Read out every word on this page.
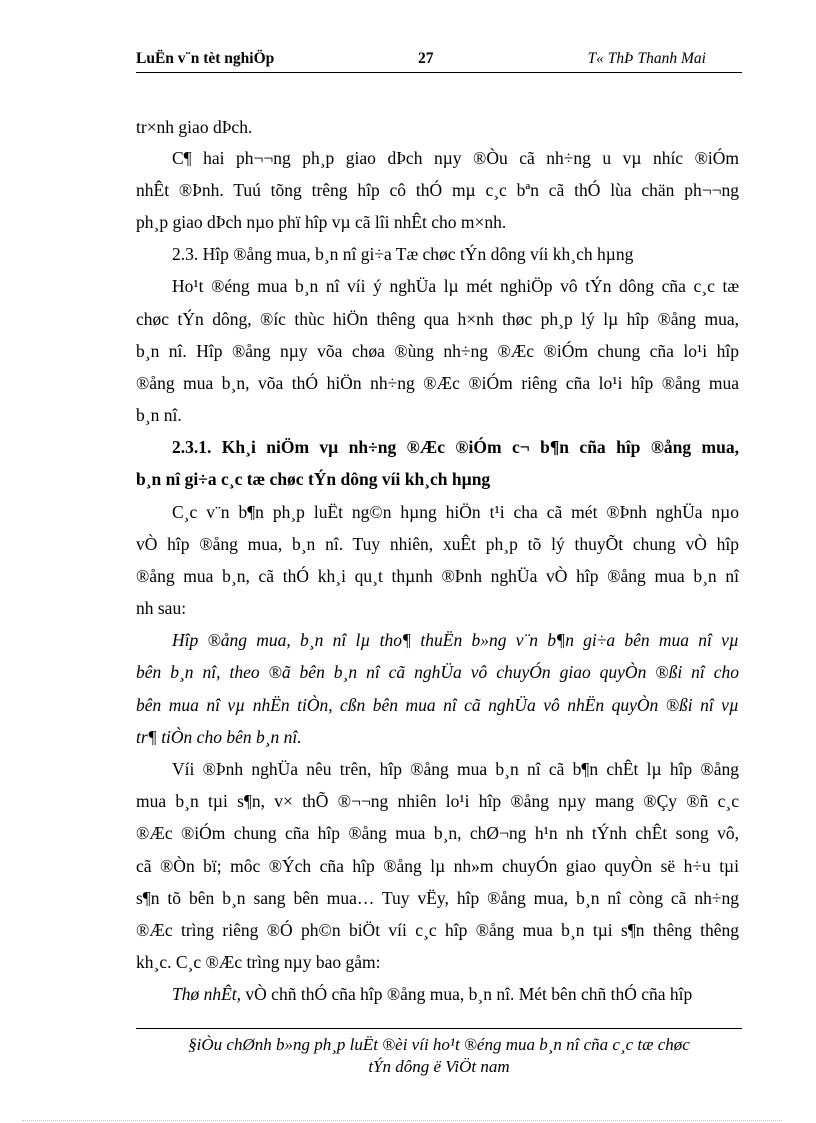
LuËn v¨n tèt nghiÖp	27	T« ThÞ Thanh Mai
tr×nh giao dÞch.
C¶ hai ph¬¬ng ph¸p giao dÞch nµy ®Òu cã nh÷ng u vµ nhíc ®iÓm
nhÊt ®Þnh. Tuú tõng trêng hîp cô thÓ mµ c¸c bªn cã thÓ lùa chän ph¬¬ng
ph¸p giao dÞch nµo phï hîp vµ cã lîi nhÊt cho m×nh.
2.3. Hîp ®ång mua, b¸n nî gi÷a Tæ chøc tÝn dông víi kh¸ch hµng
Ho¹t ®éng mua b¸n nî víi ý nghÜa lµ mét nghiÖp vô tÝn dông cña c¸c tæ
chøc tÝn dông, ®íc thùc hiÖn thêng qua h×nh thøc ph¸p lý lµ hîp ®ång mua,
b¸n nî. Hîp ®ång nµy võa chøa ®ùng nh÷ng ®Æc ®iÓm chung cña lo¹i hîp
®ång mua b¸n, võa thÓ hiÖn nh÷ng ®Æc ®iÓm riêng cña lo¹i hîp ®ång mua
b¸n nî.
2.3.1. Kh¸i niÖm vµ nh÷ng ®Æc ®iÓm c¬ b¶n cña hîp ®ång mua,
b¸n nî gi÷a c¸c tæ chøc tÝn dông víi kh¸ch hµng
C¸c v¨n b¶n ph¸p luËt ng©n hµng hiÖn t¹i cha cã mét ®Þnh nghÜa nµo
vÒ hîp ®ång mua, b¸n nî. Tuy nhiên, xuÊt ph¸p tõ lý thuyÕt chung vÒ hîp
®ång mua b¸n, cã thÓ kh¸i qu¸t thµnh ®Þnh nghÜa vÒ hîp ®ång mua b¸n nî
nh sau:
Hîp ®ång mua, b¸n nî lµ tho¶ thuËn b»ng v¨n b¶n gi÷a bên mua nî vµ
bên b¸n nî, theo ®ã bên b¸n nî cã nghÜa vô chuyÓn giao quyÒn ®ßi nî cho
bên mua nî vµ nhËn tiÒn, cßn bên mua nî cã nghÜa vô nhËn quyÒn ®ßi nî vµ
tr¶ tiÒn cho bên b¸n nî.
Víi ®Þnh nghÜa nêu trên, hîp ®ång mua b¸n nî cã b¶n chÊt lµ hîp ®ång
mua b¸n tµi s¶n, v× thÕ ®¬¬ng nhiên lo¹i hîp ®ång nµy mang ®Çy ®ñ c¸c
®Æc ®iÓm chung cña hîp ®ång mua b¸n, chØ¬ng h¹n nh tÝnh chÊt song vô,
cã ®Òn bï; môc ®Ých cña hîp ®ång lµ nh»m chuyÓn giao quyÒn së h÷u tµi
s¶n tõ bên b¸n sang bên mua… Tuy vËy, hîp ®ång mua, b¸n nî còng cã nh÷ng
®Æc trìng riêng ®Ó ph©n biÖt víi c¸c hîp ®ång mua b¸n tµi s¶n thêng thêng
kh¸c. C¸c ®Æc trìng nµy bao gåm:
Thø nhÊt, vÒ chñ thÓ cña hîp ®ång mua, b¸n nî. Mét bên chñ thÓ cña hîp
§iÒu chØnh b»ng ph¸p luËt ®èi víi ho¹t ®éng mua b¸n nî cña c¸c tæ chøc
tÝn dông ë ViÖt nam
